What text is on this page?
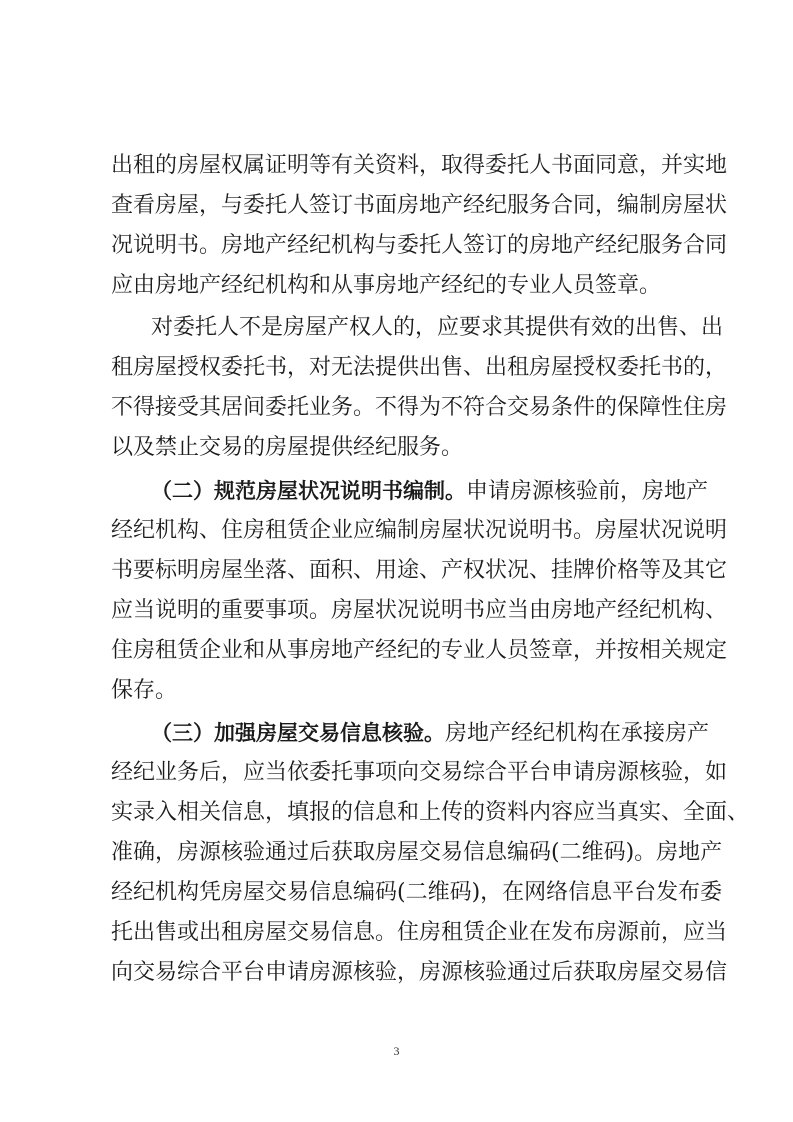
出租的房屋权属证明等有关资料，取得委托人书面同意，并实地
查看房屋，与委托人签订书面房地产经纪服务合同，编制房屋状
况说明书。房地产经纪机构与委托人签订的房地产经纪服务合同
应由房地产经纪机构和从事房地产经纪的专业人员签章。
对委托人不是房屋产权人的，应要求其提供有效的出售、出
租房屋授权委托书，对无法提供出售、出租房屋授权委托书的，
不得接受其居间委托业务。不得为不符合交易条件的保障性住房
以及禁止交易的房屋提供经纪服务。
（二）规范房屋状况说明书编制。申请房源核验前，房地产
经纪机构、住房租赁企业应编制房屋状况说明书。房屋状况说明
书要标明房屋坐落、面积、用途、产权状况、挂牌价格等及其它
应当说明的重要事项。房屋状况说明书应当由房地产经纪机构、
住房租赁企业和从事房地产经纪的专业人员签章，并按相关规定
保存。
（三）加强房屋交易信息核验。房地产经纪机构在承接房产
经纪业务后，应当依委托事项向交易综合平台申请房源核验，如
实录入相关信息，填报的信息和上传的资料内容应当真实、全面、
准确，房源核验通过后获取房屋交易信息编码(二维码)。房地产
经纪机构凭房屋交易信息编码(二维码)，在网络信息平台发布委
托出售或出租房屋交易信息。住房租赁企业在发布房源前，应当
向交易综合平台申请房源核验，房源核验通过后获取房屋交易信
3
